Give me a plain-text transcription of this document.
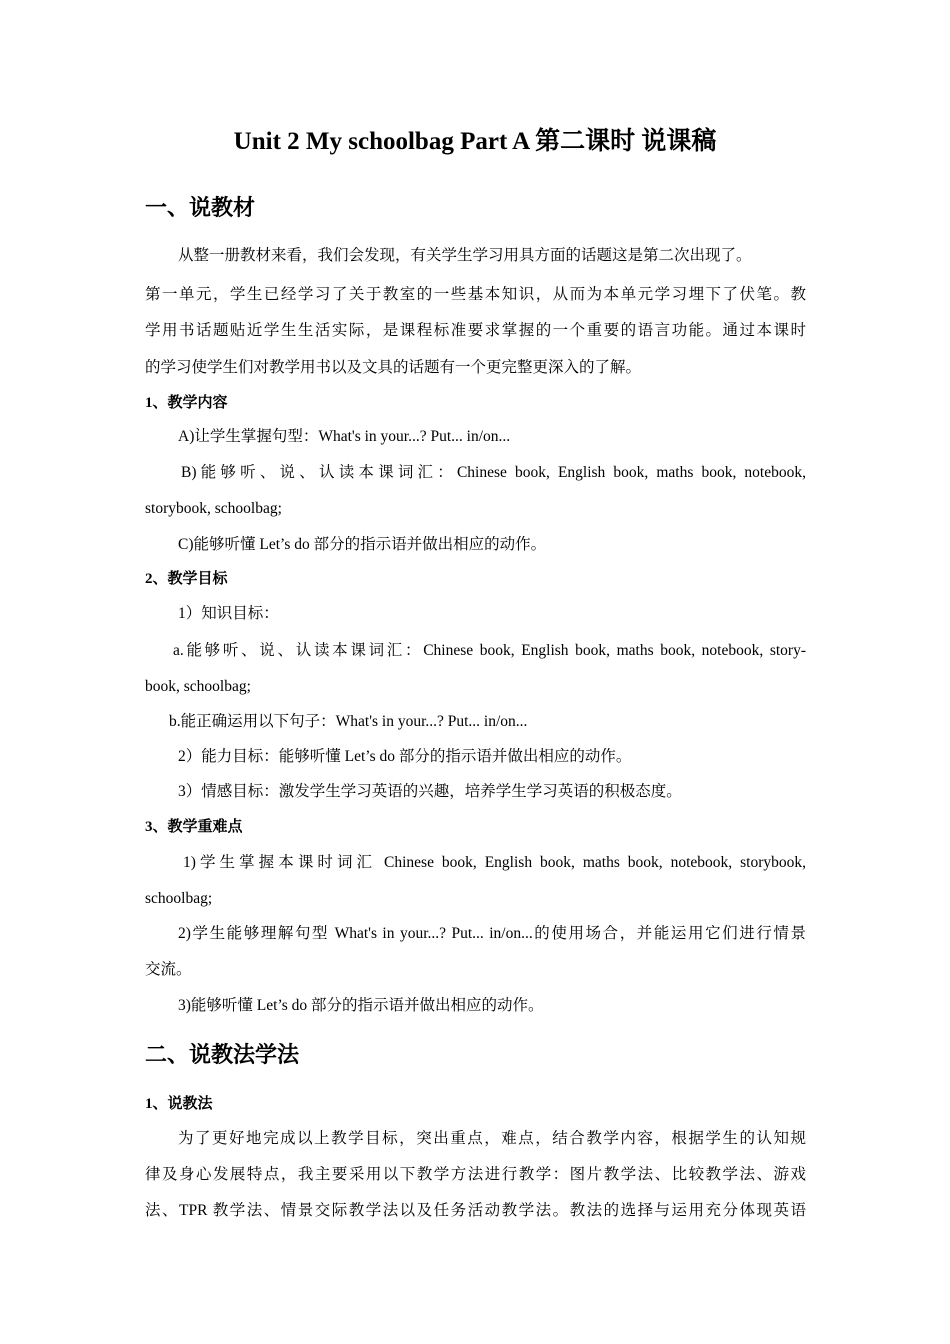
Unit 2 My schoolbag Part A 第二课时 说课稿
一、说教材
从整一册教材来看，我们会发现，有关学生学习用具方面的话题这是第二次出现了。
第一单元，学生已经学习了关于教室的一些基本知识，从而为本单元学习埋下了伏笔。教
学用书话题贴近学生生活实际，是课程标准要求掌握的一个重要的语言功能。通过本课时
的学习使学生们对教学用书以及文具的话题有一个更完整更深入的了解。
1、教学内容
A)让学生掌握句型：What's in your...? Put... in/on...
B)能够听、说、认读本课词汇：Chinese book, English book, maths book, notebook,
storybook, schoolbag;
C)能够听懂 Let’s do 部分的指示语并做出相应的动作。
2、教学目标
1）知识目标：
a.能够听、说、认读本课词汇：Chinese book, English book, maths book, notebook, story-
book, schoolbag;
b.能正确运用以下句子：What's in your...? Put... in/on...
2）能力目标：能够听懂 Let’s do 部分的指示语并做出相应的动作。
3）情感目标：激发学生学习英语的兴趣，培养学生学习英语的积极态度。
3、教学重难点
1)学生掌握本课时词汇 Chinese book, English book, maths book, notebook, storybook,
schoolbag;
2)学生能够理解句型 What's in your...? Put... in/on...的使用场合，并能运用它们进行情景
交流。
3)能够听懂 Let’s do 部分的指示语并做出相应的动作。
二、说教法学法
1、说教法
为了更好地完成以上教学目标，突出重点，难点，结合教学内容，根据学生的认知规
律及身心发展特点，我主要采用以下教学方法进行教学：图片教学法、比较教学法、游戏
法、TPR 教学法、情景交际教学法以及任务活动教学法。教法的选择与运用充分体现英语
